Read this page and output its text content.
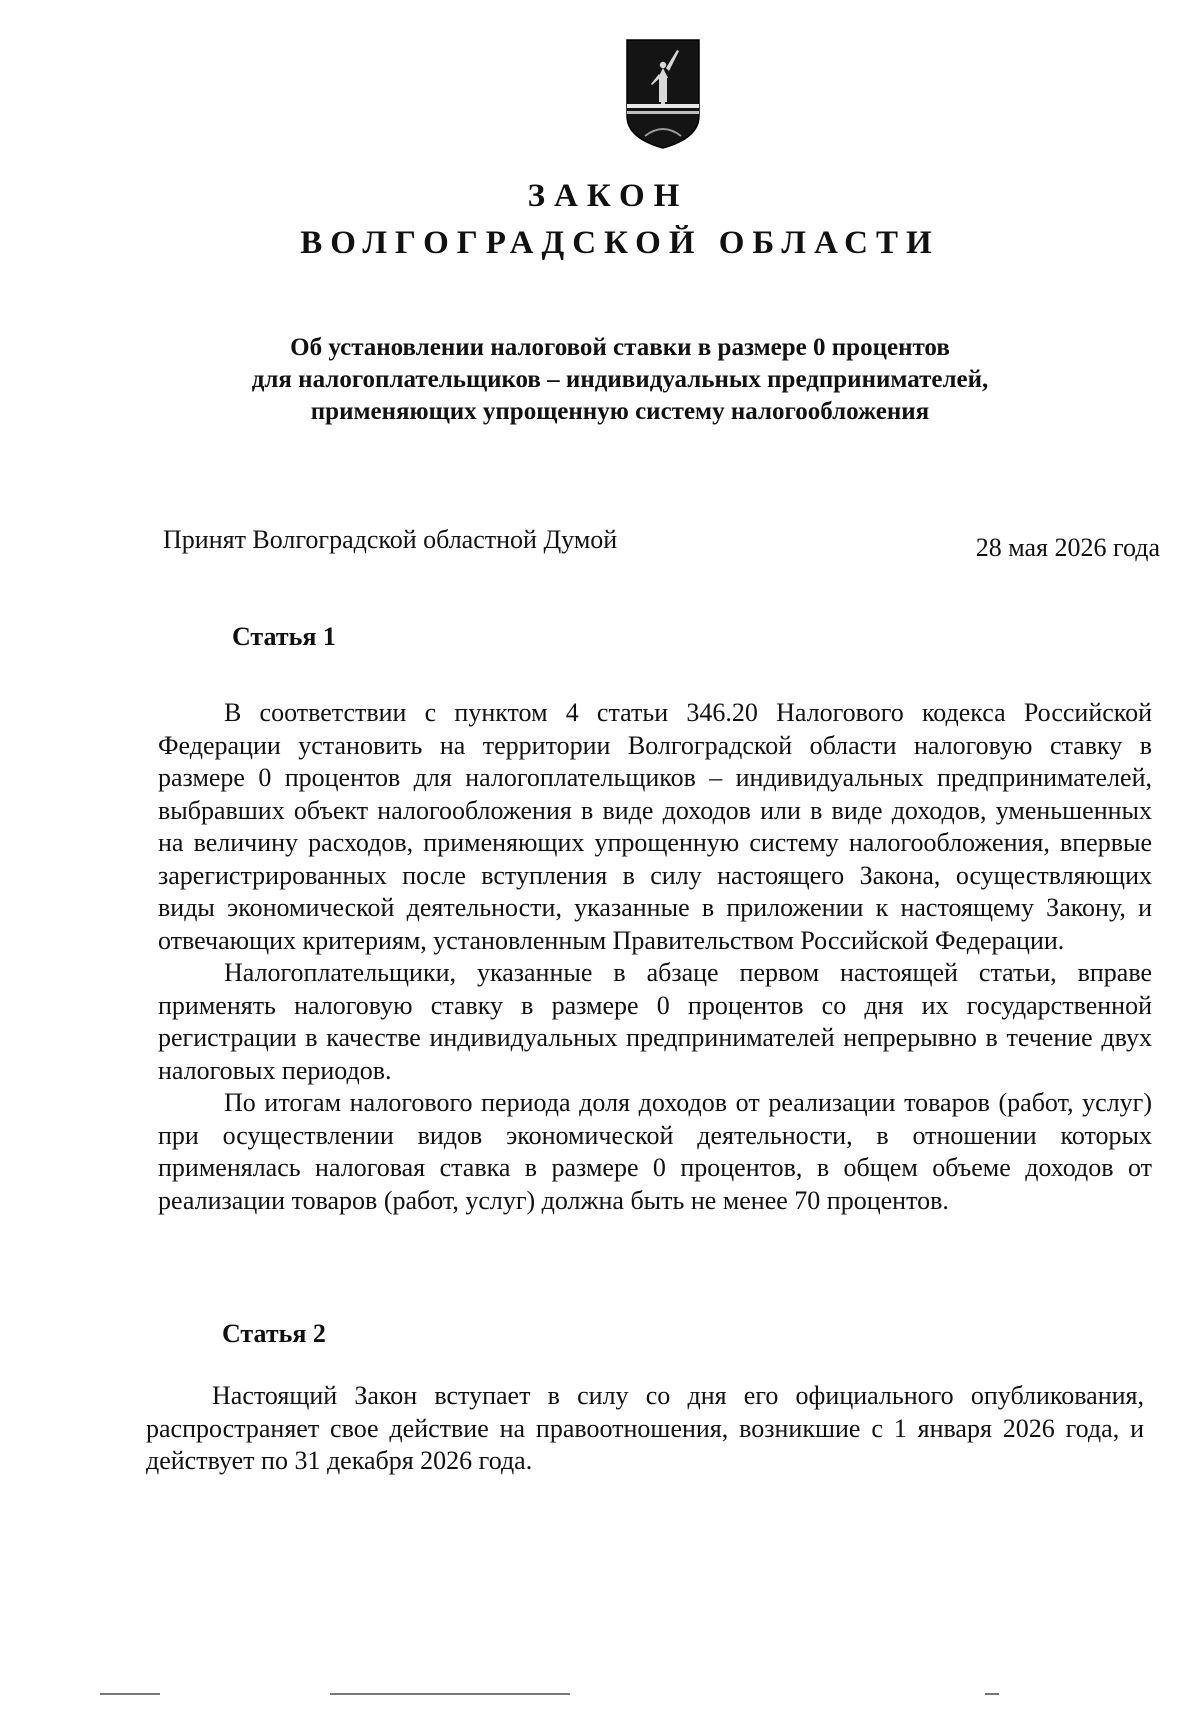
ЗАКОН
ВОЛГОГРАДСКОЙ ОБЛАСТИ
Об установлении налоговой ставки в размере 0 процентов
для налогоплательщиков – индивидуальных предпринимателей,
применяющих упрощенную систему налогообложения
Принят Волгоградской областной Думой	28 мая 2026 года
Статья 1

В соответствии с пунктом 4 статьи 346.20 Налогового кодекса Российской Федерации установить на территории Волгоградской области налоговую ставку в размере 0 процентов для налогоплательщиков – индивидуальных предпринимателей, выбравших объект налогообложения в виде доходов или в виде доходов, уменьшенных на величину расходов, применяющих упрощенную систему налогообложения, впервые зарегистрированных после вступления в силу настоящего Закона, осуществляющих виды экономической деятельности, указанные в приложении к настоящему Закону, и отвечающих критериям, установленным Правительством Российской Федерации.

Налогоплательщики, указанные в абзаце первом настоящей статьи, вправе применять налоговую ставку в размере 0 процентов со дня их государственной регистрации в качестве индивидуальных предпринимателей непрерывно в течение двух налоговых периодов.

По итогам налогового периода доля доходов от реализации товаров (работ, услуг) при осуществлении видов экономической деятельности, в отношении которых применялась налоговая ставка в размере 0 процентов, в общем объеме доходов от реализации товаров (работ, услуг) должна быть не менее 70 процентов.

Статья 2

Настоящий Закон вступает в силу со дня его официального опубликования, распространяет свое действие на правоотношения, возникшие с 1 января 2026 года, и действует по 31 декабря 2026 года.
